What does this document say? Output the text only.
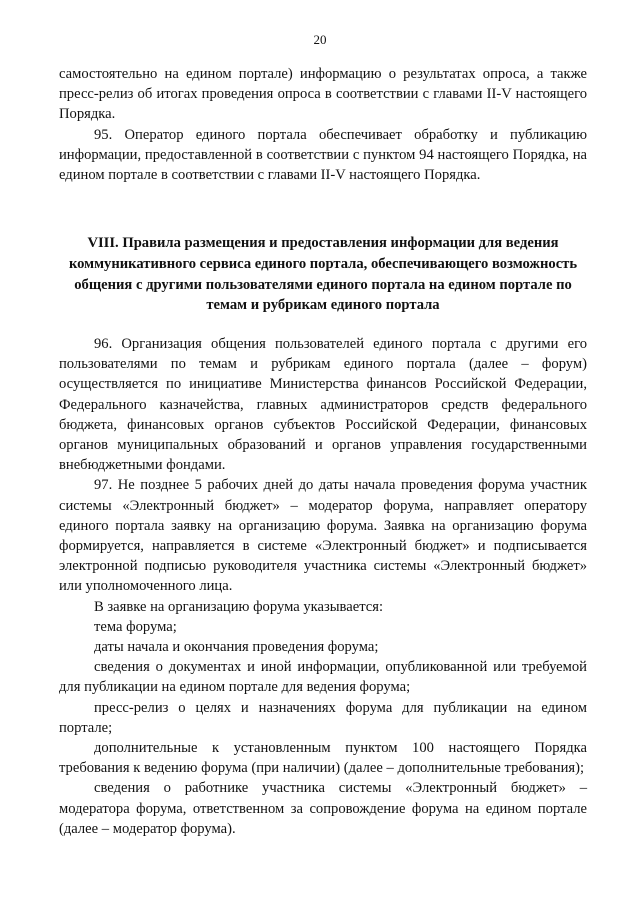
20

самостоятельно на едином портале) информацию о результатах опроса, а также пресс-релиз об итогах проведения опроса в соответствии с главами II-V настоящего Порядка.

95. Оператор единого портала обеспечивает обработку и публикацию информации, предоставленной в соответствии с пунктом 94 настоящего Порядка, на едином портале в соответствии с главами II-V настоящего Порядка.

VIII. Правила размещения и предоставления информации для ведения коммуникативного сервиса единого портала, обеспечивающего возможность общения с другими пользователями единого портала на едином портале по темам и рубрикам единого портала

96. Организация общения пользователей единого портала с другими его пользователями по темам и рубрикам единого портала (далее – форум) осуществляется по инициативе Министерства финансов Российской Федерации, Федерального казначейства, главных администраторов средств федерального бюджета, финансовых органов субъектов Российской Федерации, финансовых органов муниципальных образований и органов управления государственными внебюджетными фондами.

97. Не позднее 5 рабочих дней до даты начала проведения форума участник системы «Электронный бюджет» – модератор форума, направляет оператору единого портала заявку на организацию форума. Заявка на организацию форума формируется, направляется в системе «Электронный бюджет» и подписывается электронной подписью руководителя участника системы «Электронный бюджет» или уполномоченного лица.

В заявке на организацию форума указывается:

тема форума;

даты начала и окончания проведения форума;

сведения о документах и иной информации, опубликованной или требуемой для публикации на едином портале для ведения форума;

пресс-релиз о целях и назначениях форума для публикации на едином портале;

дополнительные к установленным пунктом 100 настоящего Порядка требования к ведению форума (при наличии) (далее – дополнительные требования);

сведения о работнике участника системы «Электронный бюджет» – модератора форума, ответственном за сопровождение форума на едином портале (далее – модератор форума).
